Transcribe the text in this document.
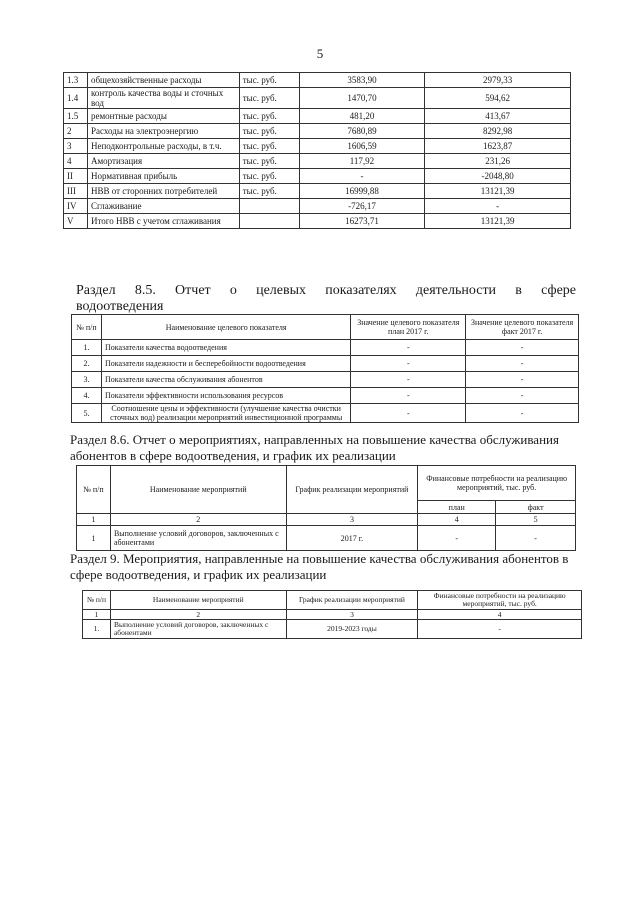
5
1.3	общехозяйственные расходы	тыс. руб.	3583,90	2979,33
1.4	контроль качества воды и сточных вод	тыс. руб.	1470,70	594,62
1.5	ремонтные расходы	тыс. руб.	481,20	413,67
2	Расходы на электроэнергию	тыс. руб.	7680,89	8292,98
3	Неподконтрольные расходы, в т.ч.	тыс. руб.	1606,59	1623,87
4	Амортизация	тыс. руб.	117,92	231,26
II	Нормативная прибыль	тыс. руб.	-	-2048,80
III	НВВ от сторонних потребителей	тыс. руб.	16999,88	13121,39
IV	Сглаживание		-726,17	-
V	Итого НВВ с учетом сглаживания		16273,71	13121,39
Раздел 8.5. Отчет о целевых показателях деятельности в сфере
водоотведения
№ п/п	Наименование целевого показателя	Значение целевого показателя план 2017 г.	Значение целевого показателя факт 2017 г.
1.	Показатели качества водоотведения	-	-
2.	Показатели надежности и бесперебойности водоотведения	-	-
3.	Показатели качества обслуживания абонентов	-	-
4.	Показатели эффективности использования ресурсов	-	-
5.	Соотношение цены и эффективности (улучшение качества очистки сточных вод) реализации мероприятий инвестиционной программы	-	-
Раздел 8.6. Отчет о мероприятиях, направленных на повышение качества обслуживания абонентов в сфере водоотведения, и график их реализации
№ п/п	Наименование мероприятий	График реализации мероприятий	Финансовые потребности на реализацию мероприятий, тыс. руб.	
			план	факт
1	2	3	4	5
1	Выполнение условий договоров, заключенных с абонентами	2017 г.	-	-
Раздел 9. Мероприятия, направленные на повышение качества обслуживания абонентов в сфере водоотведения, и график их реализации
№ п/п	Наименование мероприятий	График реализации мероприятий	Финансовые потребности на реализацию мероприятий, тыс. руб.
1	2	3	4
1.	Выполнение условий договоров, заключенных с абонентами	2019-2023 годы	-
